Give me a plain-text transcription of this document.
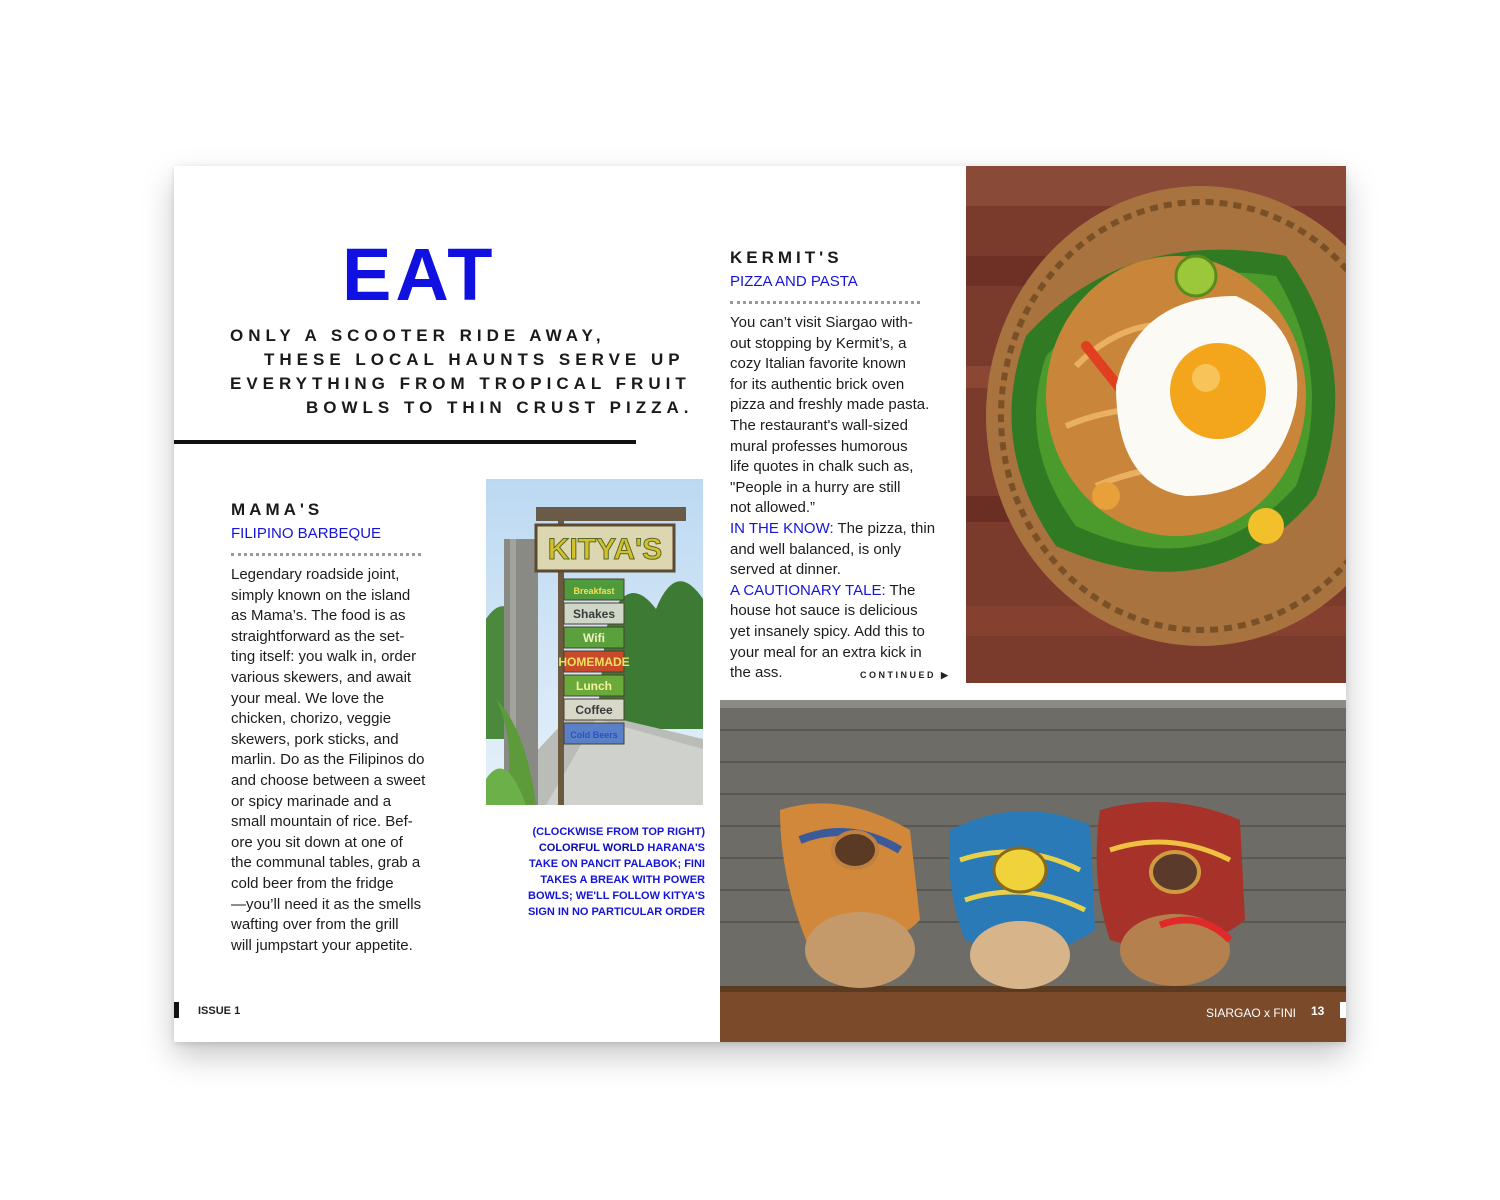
EAT
ONLY A SCOOTER RIDE AWAY,
THESE LOCAL HAUNTS SERVE UP
EVERYTHING FROM TROPICAL FRUIT
BOWLS TO THIN CRUST PIZZA.
MAMA'S
FILIPINO BARBEQUE
Legendary roadside joint,
simply known on the island
as Mama’s. The food is as
straightforward as the set-
ting itself: you walk in, order
various skewers, and await
your meal. We love the
chicken, chorizo, veggie
skewers, pork sticks, and
marlin. Do as the Filipinos do
and choose between a sweet
or spicy marinade and a
small mountain of rice. Bef-
ore you sit down at one of
the communal tables, grab a
cold beer from the fridge
—you’ll need it as the smells
wafting over from the grill
will jumpstart your appetite.
KITYA'S
Breakfast
Shakes
Wifi
HOMEMADE
Lunch
Coffee
Cold Beers
(CLOCKWISE FROM TOP RIGHT)
COLORFUL WORLD HARANA'S
TAKE ON PANCIT PALABOK; FINI
TAKES A BREAK WITH POWER
BOWLS; WE'LL FOLLOW KITYA'S
SIGN IN NO PARTICULAR ORDER
KERMIT'S
PIZZA AND PASTA
You can’t visit Siargao with-
out stopping by Kermit’s, a
cozy Italian favorite known
for its authentic brick oven
pizza and freshly made pasta.
The restaurant's wall-sized
mural professes humorous
life quotes in chalk such as,
"People in a hurry are still
not allowed.”
IN THE KNOW: The pizza, thin
and well balanced, is only
served at dinner.
A CAUTIONARY TALE: The
house hot sauce is delicious
yet insanely spicy. Add this to
your meal for an extra kick in
the ass.	CONTINUED ▶
ISSUE 1	SIARGAO x FINI 13
